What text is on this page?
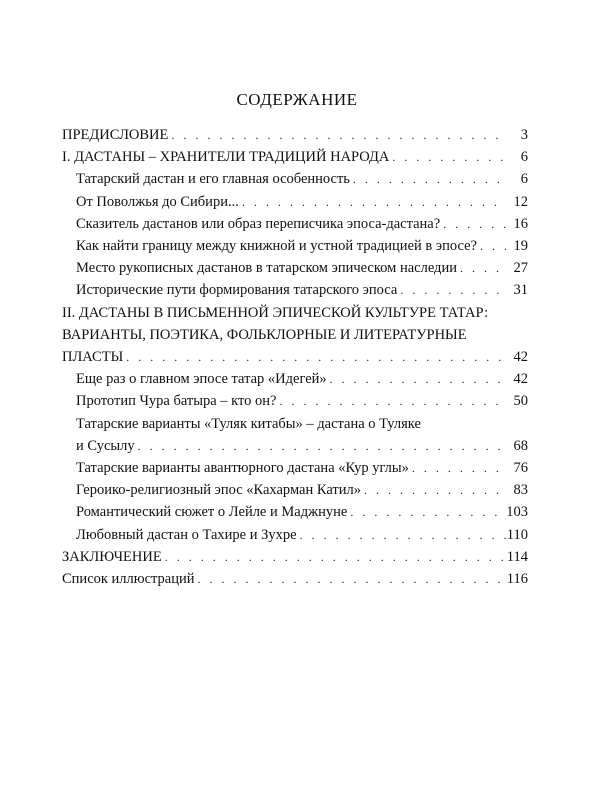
СОДЕРЖАНИЕ
ПРЕДИСЛОВИЕ . . .	3
I. ДАСТАНЫ – ХРАНИТЕЛИ ТРАДИЦИЙ НАРОДА . . .	6
Татарский дастан и его главная особенность . . .	6
От Поволжья до Сибири... . . .	12
Сказитель дастанов или образ переписчика эпоса-дастана? . . .	16
Как найти границу между книжной и устной традицией в эпосе? . . .	19
Место рукописных дастанов в татарском эпическом наследии . . .	27
Исторические пути формирования татарского эпоса . . .	31
II. ДАСТАНЫ В ПИСЬМЕННОЙ ЭПИЧЕСКОЙ КУЛЬТУРЕ ТАТАР:
ВАРИАНТЫ, ПОЭТИКА, ФОЛЬКЛОРНЫЕ И ЛИТЕРАТУРНЫЕ
ПЛАСТЫ . . .	42
Еще раз о главном эпосе татар «Идегей» . . .	42
Прототип Чура батыра – кто он? . . .	50
Татарские варианты «Туляк китабы» – дастана о Туляке
и Сусылу . . .	68
Татарские варианты авантюрного дастана «Кур углы» . . .	76
Героико-религиозный эпос «Кахарман Катил» . . .	83
Романтический сюжет о Лейле и Маджнуне . . .	103
Любовный дастан о Тахире и Зухре . . .	110
ЗАКЛЮЧЕНИЕ . . .	114
Список иллюстраций . . .	116
